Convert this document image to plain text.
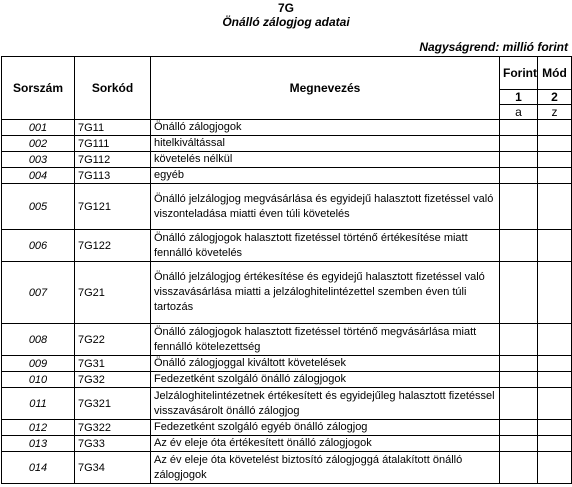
7G
Önálló zálogjog adatai
Nagyságrend: millió forint
Sorszám	Sorkód	Megnevezés	Forint	Mód
			1	2
			a	z
001	7G11	Önálló zálogjogok		
002	7G111	hitelkiváltással		
003	7G112	követelés nélkül		
004	7G113	egyéb		
005	7G121	Önálló jelzálogjog megvásárlása és egyidejű halasztott fizetéssel való viszonteladása miatti éven túli követelés		
006	7G122	Önálló zálogjogok halasztott fizetéssel történő értékesítése miatt fennálló követelés		
007	7G21	Önálló jelzálogjog értékesítése és egyidejű halasztott fizetéssel való visszavásárlása miatti a jelzáloghitelintézettel szemben éven túli tartozás		
008	7G22	Önálló zálogjogok halasztott fizetéssel történő megvásárlása miatt fennálló kötelezettség		
009	7G31	Önálló zálogjoggal kiváltott követelések		
010	7G32	Fedezetként szolgáló önálló zálogjogok		
011	7G321	Jelzáloghitelintézetnek értékesített és egyidejűleg halasztott fizetéssel visszavásárolt önálló zálogjog		
012	7G322	Fedezetként szolgáló egyéb önálló zálogjog		
013	7G33	Az év eleje óta értékesített önálló zálogjogok		
014	7G34	Az év eleje óta követelést biztosító zálogjoggá átalakított önálló zálogjogok		
